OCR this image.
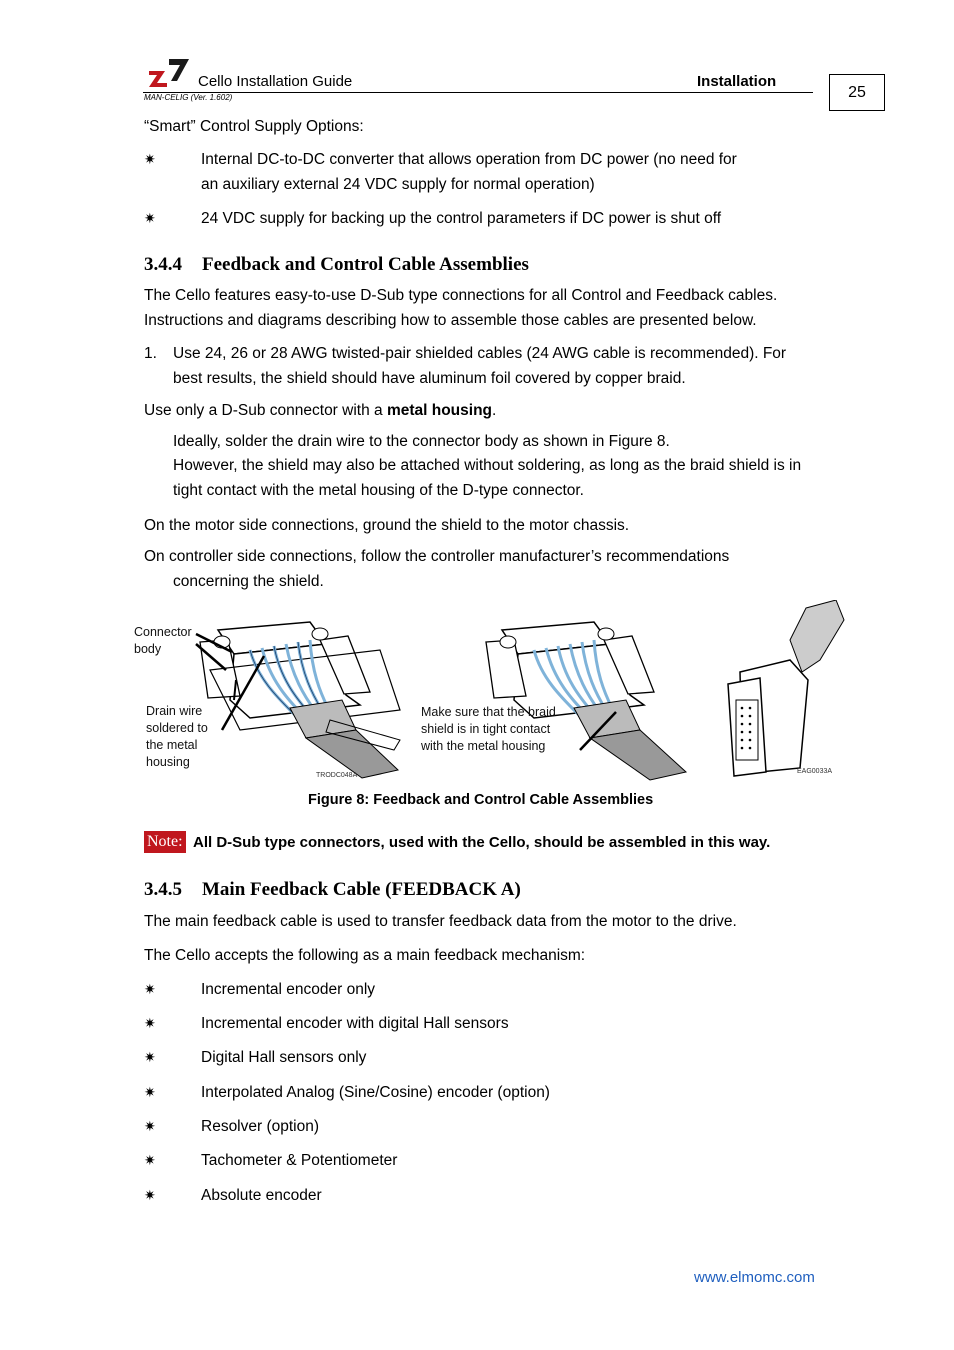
Cello Installation Guide
MAN-CELIG (Ver. 1.602)
Installation
25
“Smart” Control Supply Options:
✷	Internal DC-to-DC converter that allows operation from DC power (no need for
an auxiliary external 24 VDC supply for normal operation)
✷	24 VDC supply for backing up the control parameters if DC power is shut off
3.4.4 Feedback and Control Cable Assemblies
The Cello features easy-to-use D-Sub type connections for all Control and Feedback cables.
Instructions and diagrams describing how to assemble those cables are presented below.
1. Use 24, 26 or 28 AWG twisted-pair shielded cables (24 AWG cable is recommended). For
best results, the shield should have aluminum foil covered by copper braid.
Use only a D-Sub connector with a metal housing.
Ideally, solder the drain wire to the connector body as shown in Figure 8.
However, the shield may also be attached without soldering, as long as the braid shield is in
tight contact with the metal housing of the D-type connector.
On the motor side connections, ground the shield to the motor chassis.
On controller side connections, follow the controller manufacturer’s recommendations
concerning the shield.
Connector
body
Drain wire
soldered to
the metal
housing
Make sure that the braid
shield is in tight contact
with the metal housing
TRODC048A
EAG0033A
Figure 8: Feedback and Control Cable Assemblies
Note: All D-Sub type connectors, used with the Cello, should be assembled in this way.
3.4.5 Main Feedback Cable (FEEDBACK A)
The main feedback cable is used to transfer feedback data from the motor to the drive.
The Cello accepts the following as a main feedback mechanism:
✷	Incremental encoder only
✷	Incremental encoder with digital Hall sensors
✷	Digital Hall sensors only
✷	Interpolated Analog (Sine/Cosine) encoder (option)
✷	Resolver (option)
✷	Tachometer & Potentiometer
✷	Absolute encoder
www.elmomc.com
